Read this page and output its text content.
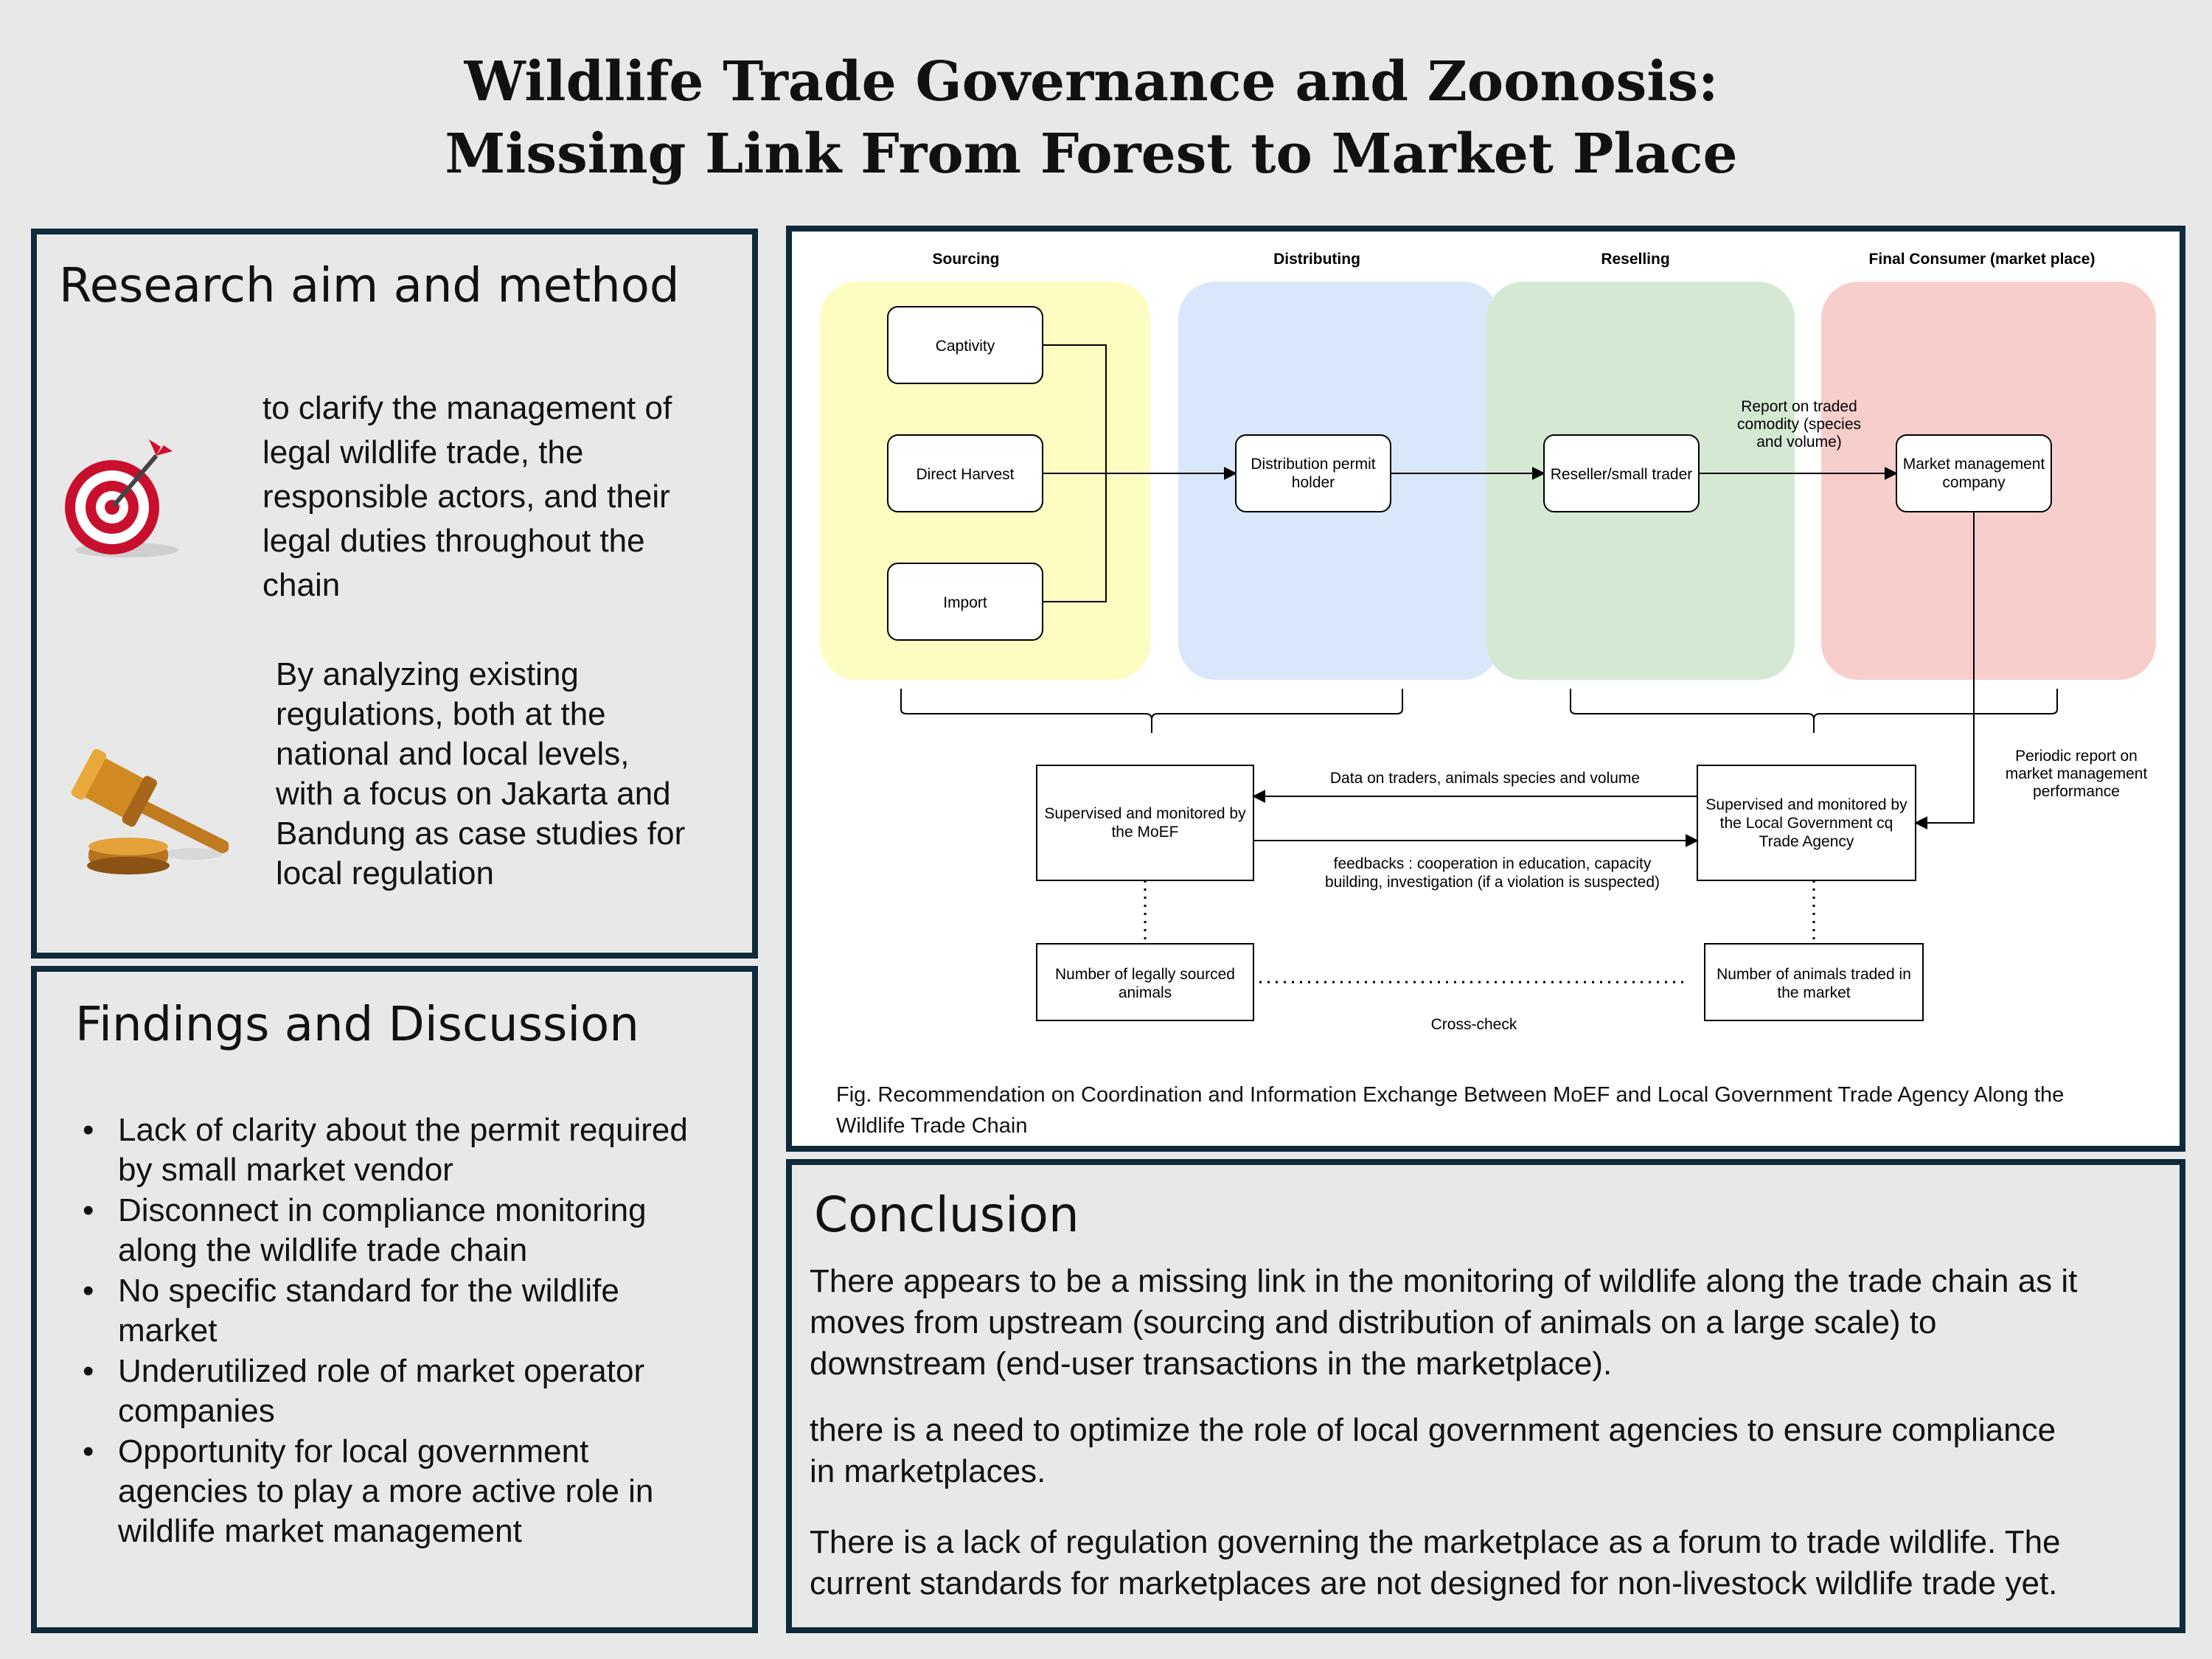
Wildlife Trade Governance and Zoonosis:
Missing Link From Forest to Market Place
Research aim and method
to clarify the management of
legal wildlife trade, the
responsible actors, and their
legal duties throughout the
chain
By analyzing existing
regulations, both at the
national and local levels,
with a focus on Jakarta and
Bandung as case studies for
local regulation
Findings and Discussion
• Lack of clarity about the permit required
by small market vendor
• Disconnect in compliance monitoring
along the wildlife trade chain
• No specific standard for the wildlife
market
• Underutilized role of market operator
companies
• Opportunity for local government
agencies to play a more active role in
wildlife market management
Sourcing	Distributing	Reselling	Final Consumer (market place)
Captivity
Direct Harvest
Import
Distribution permit
holder	Reseller/small trader
Report on traded
comodity (species
and volume)
Market management
company
Supervised and monitored by
the MoEF
Supervised and monitored by
the Local Government cq
Trade Agency
Data on traders, animals species and volume
feedbacks : cooperation in education, capacity
building, investigation (if a violation is suspected)
Periodic report on
market management
performance
Number of legally sourced
animals
Number of animals traded in
the market
Cross-check
Fig. Recommendation on Coordination and Information Exchange Between MoEF and Local Government Trade Agency Along the
Wildlife Trade Chain
Conclusion
There appears to be a missing link in the monitoring of wildlife along the trade chain as it
moves from upstream (sourcing and distribution of animals on a large scale) to
downstream (end-user transactions in the marketplace).
there is a need to optimize the role of local government agencies to ensure compliance
in marketplaces.
There is a lack of regulation governing the marketplace as a forum to trade wildlife. The
current standards for marketplaces are not designed for non-livestock wildlife trade yet.
